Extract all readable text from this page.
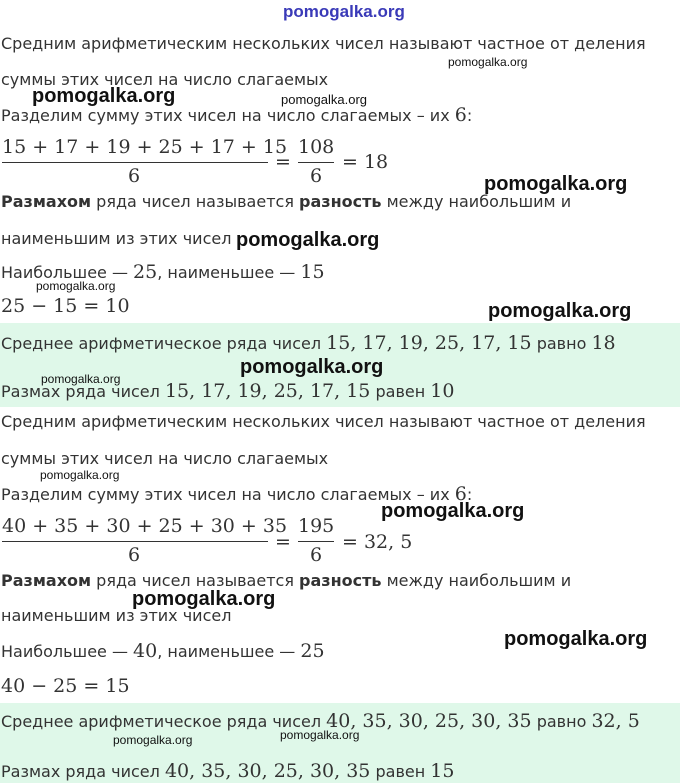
pomogalka.org
Средним арифметическим нескольких чисел называют частное от деления
суммы этих чисел на число слагаемых
Разделим сумму этих чисел на число слагаемых – их 6:
15 + 17 + 19 + 25 + 17 + 15
6
=
108
6
= 18
Размахом ряда чисел называется разность между наибольшим и
наименьшим из этих чисел
Наибольшее — 25, наименьшее — 15
25 − 15 = 10
Среднее арифметическое ряда чисел 15, 17, 19, 25, 17, 15 равно 18
Размах ряда чисел 15, 17, 19, 25, 17, 15 равен 10
Средним арифметическим нескольких чисел называют частное от деления
суммы этих чисел на число слагаемых
Разделим сумму этих чисел на число слагаемых – их 6:
40 + 35 + 30 + 25 + 30 + 35
6
=
195
6
= 32, 5
Размахом ряда чисел называется разность между наибольшим и
наименьшим из этих чисел
Наибольшее — 40, наименьшее — 25
40 − 25 = 15
Среднее арифметическое ряда чисел 40, 35, 30, 25, 30, 35 равно 32, 5
Размах ряда чисел 40, 35, 30, 25, 30, 35 равен 15
pomogalka.org
pomogalka.org	pomogalka.org
pomogalka.org
pomogalka.org
pomogalka.org
pomogalka.org
pomogalka.org
pomogalka.org
pomogalka.org
pomogalka.org
pomogalka.org
pomogalka.org
pomogalka.org
pomogalka.org
